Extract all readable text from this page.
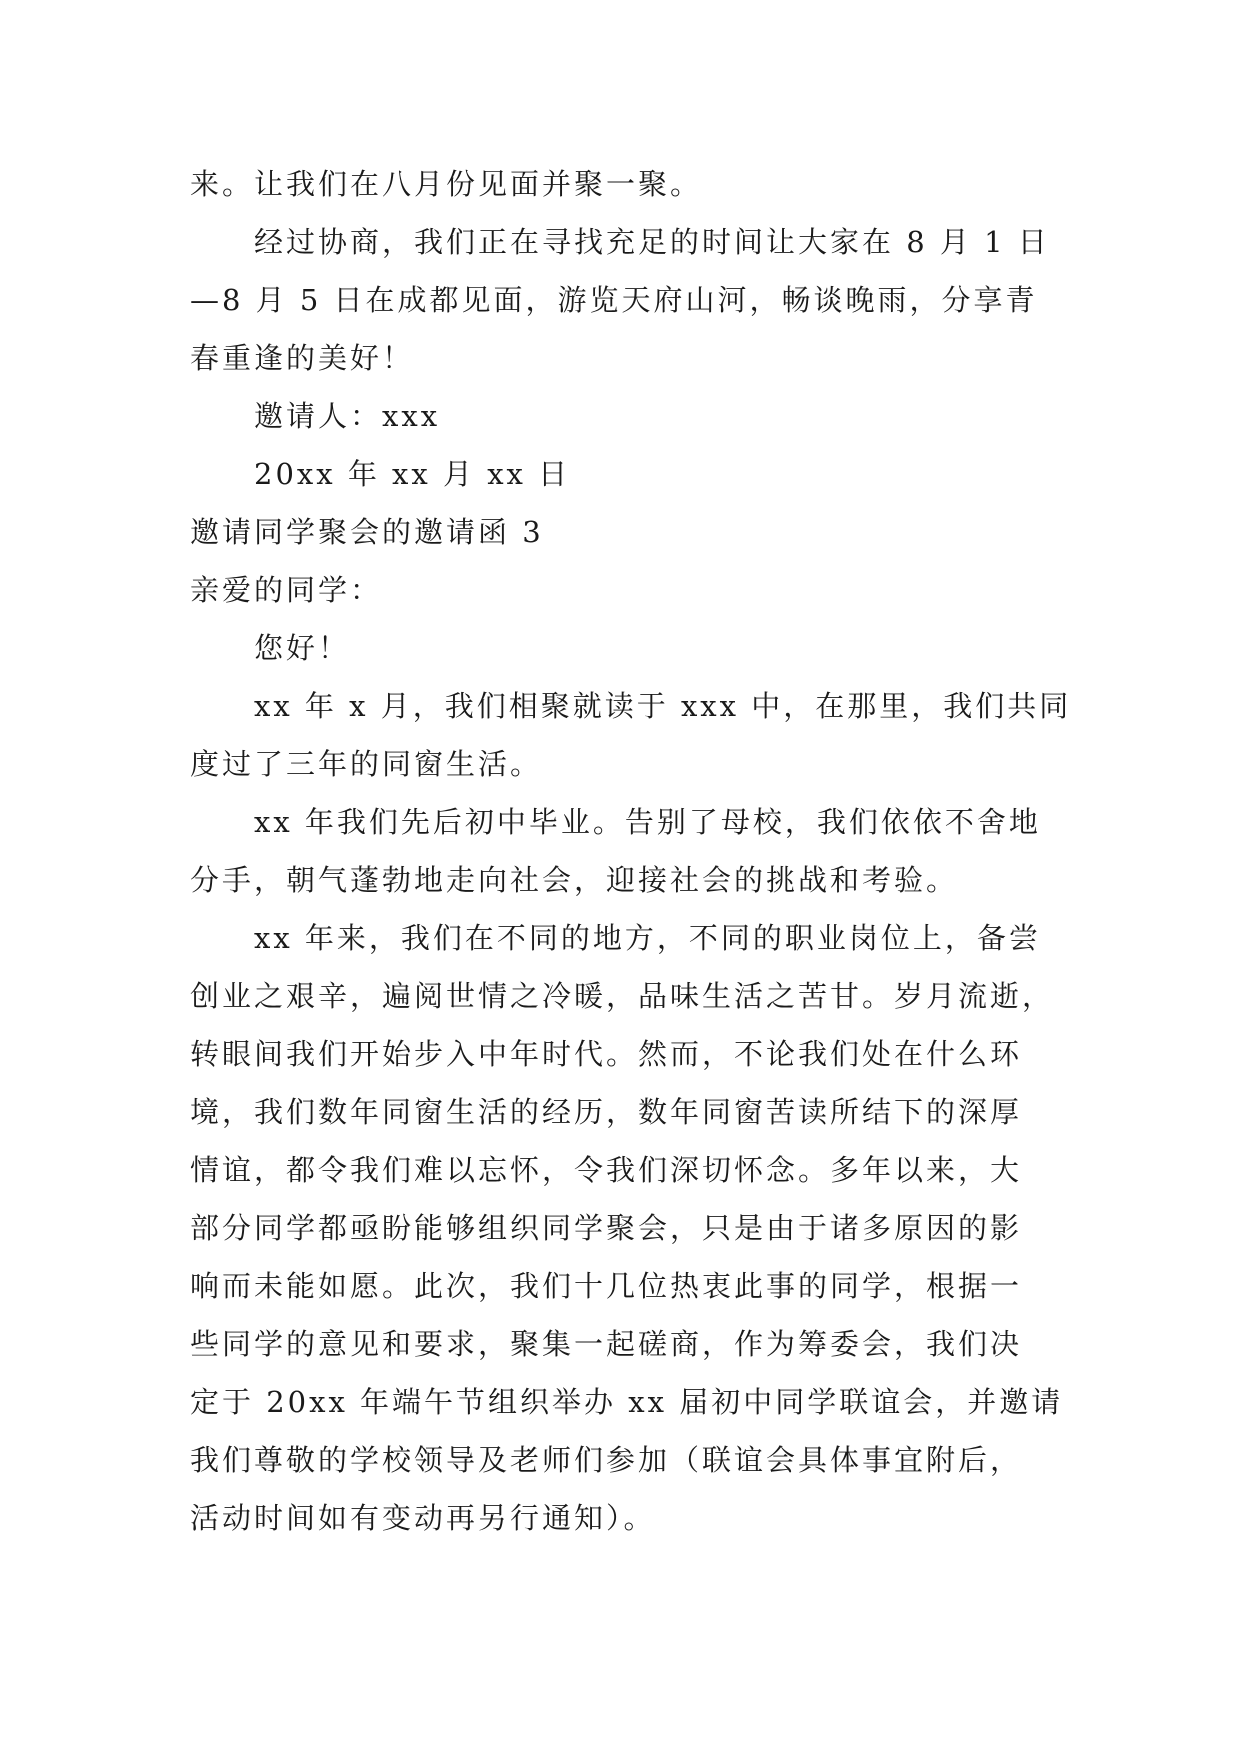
来。让我们在八月份见面并聚一聚。
经过协商，我们正在寻找充足的时间让大家在 8 月 1 日
—8 月 5 日在成都见面，游览天府山河，畅谈晚雨，分享青
春重逢的美好！
邀请人：xxx
20xx 年 xx 月 xx 日
邀请同学聚会的邀请函 3
亲爱的同学：
您好！
xx 年 x 月，我们相聚就读于 xxx 中，在那里，我们共同
度过了三年的同窗生活。
xx 年我们先后初中毕业。告别了母校，我们依依不舍地
分手，朝气蓬勃地走向社会，迎接社会的挑战和考验。
xx 年来，我们在不同的地方，不同的职业岗位上，备尝
创业之艰辛，遍阅世情之冷暖，品味生活之苦甘。岁月流逝，
转眼间我们开始步入中年时代。然而，不论我们处在什么环
境，我们数年同窗生活的经历，数年同窗苦读所结下的深厚
情谊，都令我们难以忘怀，令我们深切怀念。多年以来，大
部分同学都亟盼能够组织同学聚会，只是由于诸多原因的影
响而未能如愿。此次，我们十几位热衷此事的同学，根据一
些同学的意见和要求，聚集一起磋商，作为筹委会，我们决
定于 20xx 年端午节组织举办 xx 届初中同学联谊会，并邀请
我们尊敬的学校领导及老师们参加（联谊会具体事宜附后，
活动时间如有变动再另行通知）。
